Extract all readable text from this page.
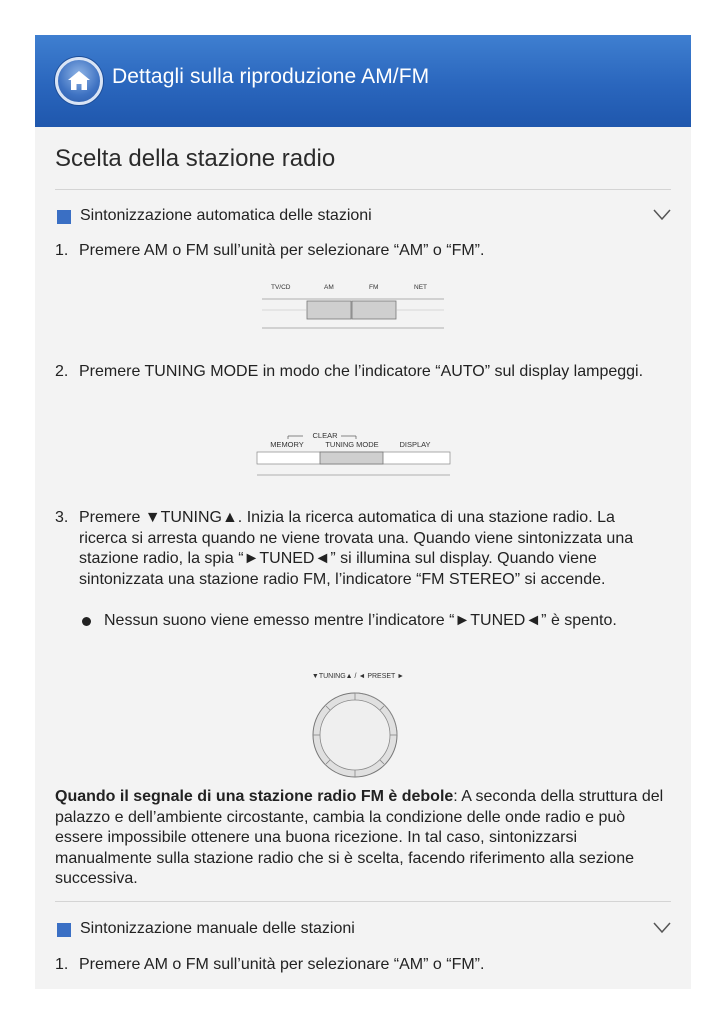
Dettagli sulla riproduzione AM/FM
Scelta della stazione radio
Sintonizzazione automatica delle stazioni
1. Premere AM o FM sull’unità per selezionare “AM” o “FM”.
TV/CD	AM	FM	NET
2. Premere TUNING MODE in modo che l’indicatore “AUTO” sul display lampeggi.
CLEAR
MEMORY	TUNING MODE	DISPLAY
3. Premere ▼TUNING▲. Inizia la ricerca automatica di una stazione radio. La ricerca si arresta quando ne viene trovata una. Quando viene sintonizzata una stazione radio, la spia “►TUNED◄” si illumina sul display. Quando viene sintonizzata una stazione radio FM, l’indicatore “FM STEREO” si accende.
Nessun suono viene emesso mentre l’indicatore “►TUNED◄” è spento.
▼TUNING▲ / ◄ PRESET ►
Quando il segnale di una stazione radio FM è debole: A seconda della struttura del palazzo e dell’ambiente circostante, cambia la condizione delle onde radio e può essere impossibile ottenere una buona ricezione. In tal caso, sintonizzarsi manualmente sulla stazione radio che si è scelta, facendo riferimento alla sezione successiva.
Sintonizzazione manuale delle stazioni
1. Premere AM o FM sull’unità per selezionare “AM” o “FM”.
